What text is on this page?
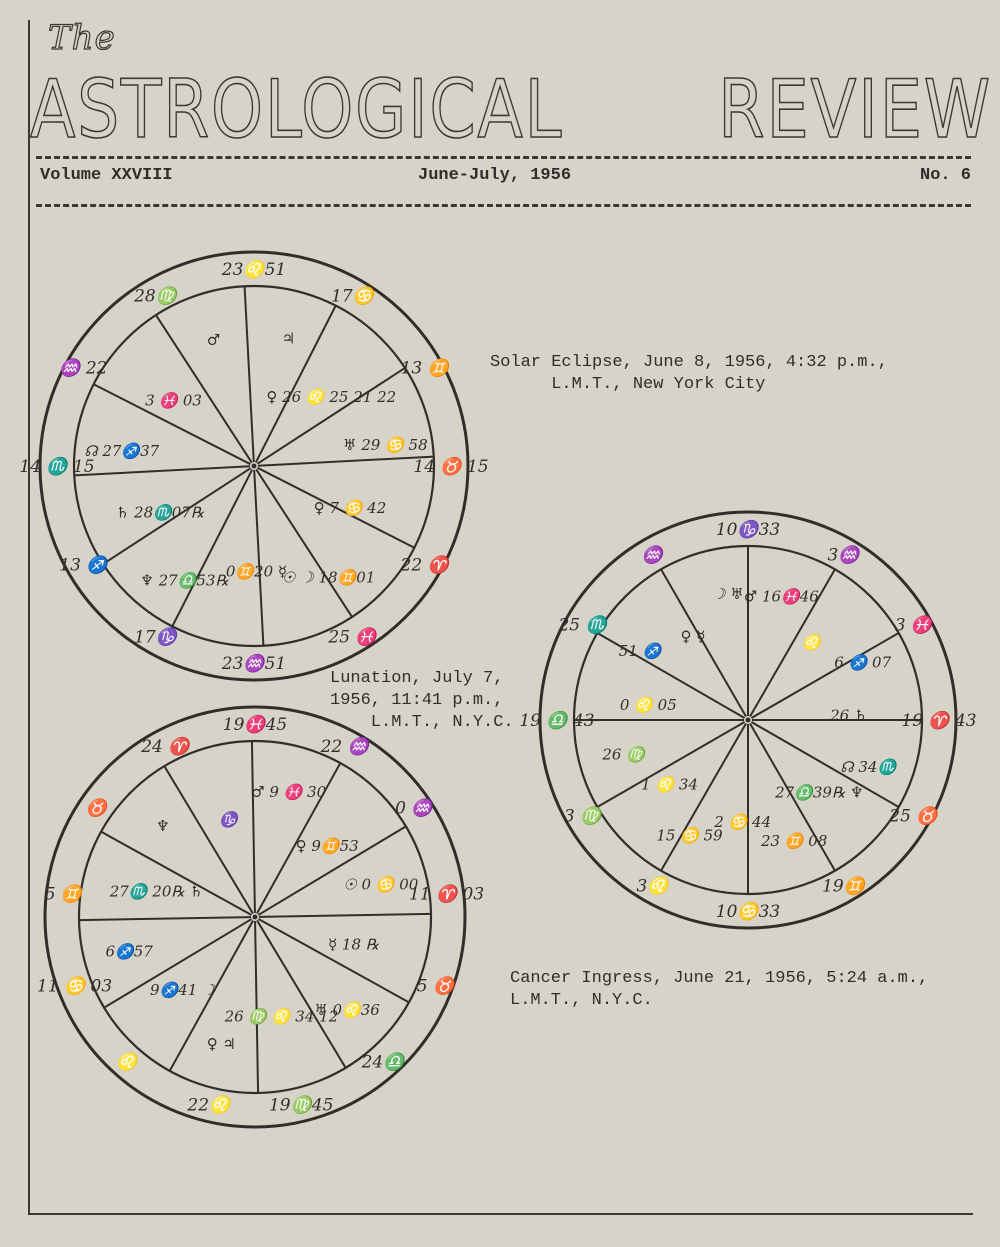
The
ASTROLOGICAL REVIEW
Volume XXVIII	June-July, 1956	No. 6
Solar Eclipse, June 8, 1956, 4:32 p.m.,
L.M.T., New York City
Lunation, July 7,
1956, 11:41 p.m.,
L.M.T., N.Y.C.
Cancer Ingress, June 21, 1956, 5:24 a.m.,
L.M.T., N.Y.C.
23♌51
17♋
13 ♊
14 ♉ 15
22 ♈
25 ♓
23♒51
17♑
13 ♐
14 ♏ 15
♒ 22
28♍
♃
♀ 26 ♌ 25 21 22
♅ 29 ♋ 58
♀ 7 ♋ 42
☉ ☽ 18♊01
0♊20 ☿
♆ 27♎53℞
♄ 28♏07℞
☊ 27♐37
3 ♓ 03
♂
19♓45
22 ♒
0 ♒
11 ♈ 03
5 ♉
24♎
19♍45
22♌
♌
11 ♋ 03
5 ♊
♉
24 ♈
♂ 9 ♓ 30
♀ 9♊53
☉ 0 ♋ 00
☿ 18 ℞
♅ 0♌36
26 ♍ ♌ 34 12
♀ ♃
9♐41 ☽
6♐57
27♏ 20℞ ♄
♆	♑
10♑33
3♒
3 ♓
19 ♈ 43
25 ♉
19♊
10♋33
3♌
3 ♍
19 ♎ 43
25 ♏
♒
♂ 16♓46
♌
6 ♐ 07
26 ♄
☊ 34♏
27♎39℞ ♆
23 ♊ 08
2 ♋ 44
15 ♋ 59
1 ♌ 34
26 ♍
0 ♌ 05
51 ♐
♀ ☿
☽ ♅
